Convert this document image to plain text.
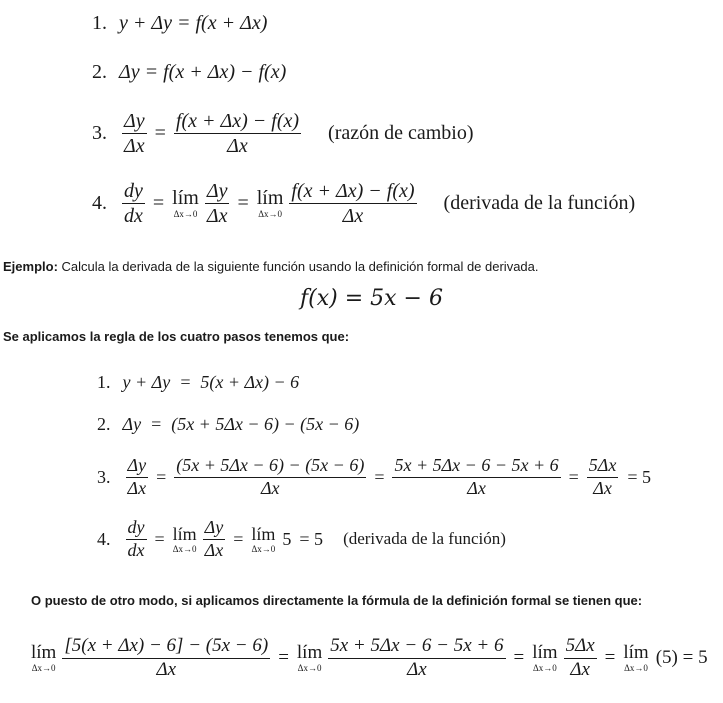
1. y + Δy = f(x + Δx)
2. Δy = f(x + Δx) − f(x)
3. $\frac{\Delta y}{\Delta x} = \frac{f(x + \Delta x) - f(x)}{\Delta x}$ (razón de cambio)
4. $\frac{dy}{dx}$ = lím
$\Delta x\to 0 \frac{\Delta y}{\Delta x}$ = lím
$\Delta x\to 0 \frac{f(x + \Delta x) - f(x)}{\Delta x}$ (derivada de la función)
Ejemplo: Calcula la derivada de la siguiente función usando la definición formal de derivada.
f(x) = 5x − 6
Se aplicamos la regla de los cuatro pasos tenemos que:
1. y + Δy  =  5(x + Δx) − 6
2. Δy  =  (5x + 5Δx − 6) − (5x − 6)
3. $\frac{\Delta y}{\Delta x} = \frac{(5x + 5\Delta x - 6) - (5x - 6)}{\Delta x} = \frac{5x + 5\Delta x - 6 - 5x + 6}{\Delta x} = \frac{5\Delta x}{\Delta x} = 5$
4. $\frac{dy}{dx}$ = lím
$\Delta x\to 0 \frac{\Delta y}{\Delta x}$ = lím
Δx→0 5 = 5 (derivada de la función)
O puesto de otro modo, si aplicamos directamente la fórmula de la definición formal se tienen que:
lím
$\Delta x\to 0 \frac{[5(x + \Delta x) - 6] - (5x - 6)}{\Delta x}$ = lím
$\Delta x\to 0 \frac{5x + 5\Delta x - 6 - 5x + 6}{\Delta x}$ = lím
$\Delta x\to 0 \frac{5\Delta x}{\Delta x}$ = lím
Δx→0 (5) = 5
